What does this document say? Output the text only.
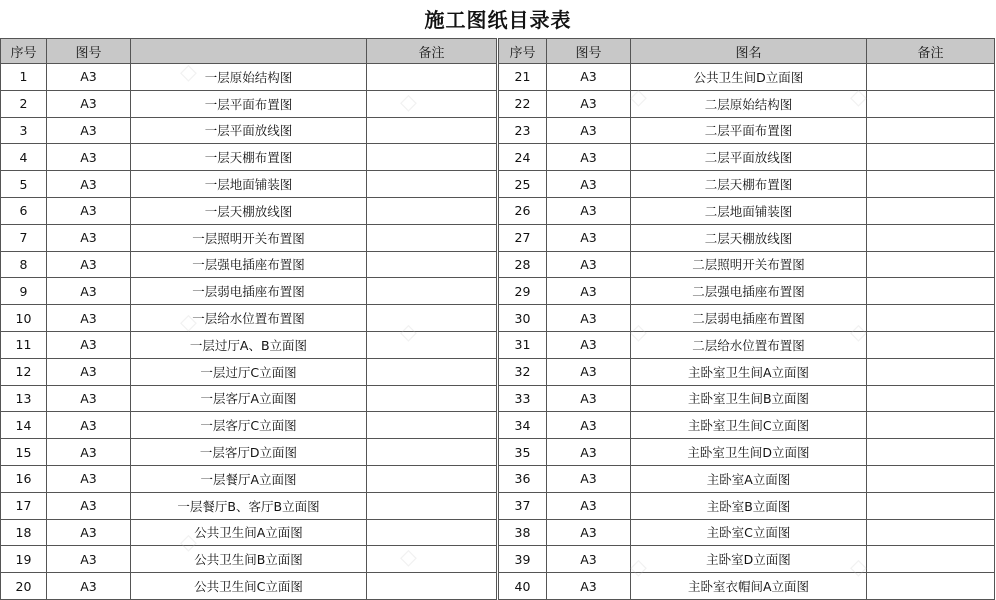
施工图纸目录表
序号	图号		备注		序号	图号	图名	备注
1	A3	一层原始结构图			21	A3	公共卫生间D立面图	
2	A3	一层平面布置图			22	A3	二层原始结构图	
3	A3	一层平面放线图			23	A3	二层平面布置图	
4	A3	一层天棚布置图			24	A3	二层平面放线图	
5	A3	一层地面铺装图			25	A3	二层天棚布置图	
6	A3	一层天棚放线图			26	A3	二层地面铺装图	
7	A3	一层照明开关布置图			27	A3	二层天棚放线图	
8	A3	一层强电插座布置图			28	A3	二层照明开关布置图	
9	A3	一层弱电插座布置图			29	A3	二层强电插座布置图	
10	A3	一层给水位置布置图			30	A3	二层弱电插座布置图	
11	A3	一层过厅A、B立面图			31	A3	二层给水位置布置图	
12	A3	一层过厅C立面图			32	A3	主卧室卫生间A立面图	
13	A3	一层客厅A立面图			33	A3	主卧室卫生间B立面图	
14	A3	一层客厅C立面图			34	A3	主卧室卫生间C立面图	
15	A3	一层客厅D立面图			35	A3	主卧室卫生间D立面图	
16	A3	一层餐厅A立面图			36	A3	主卧室A立面图	
17	A3	一层餐厅B、客厅B立面图			37	A3	主卧室B立面图	
18	A3	公共卫生间A立面图			38	A3	主卧室C立面图	
19	A3	公共卫生间B立面图			39	A3	主卧室D立面图	
20	A3	公共卫生间C立面图			40	A3	主卧室衣帽间A立面图	
◇
◇
◇	◇
◇	◇	◇
◇	◇	◇
◇
◇
